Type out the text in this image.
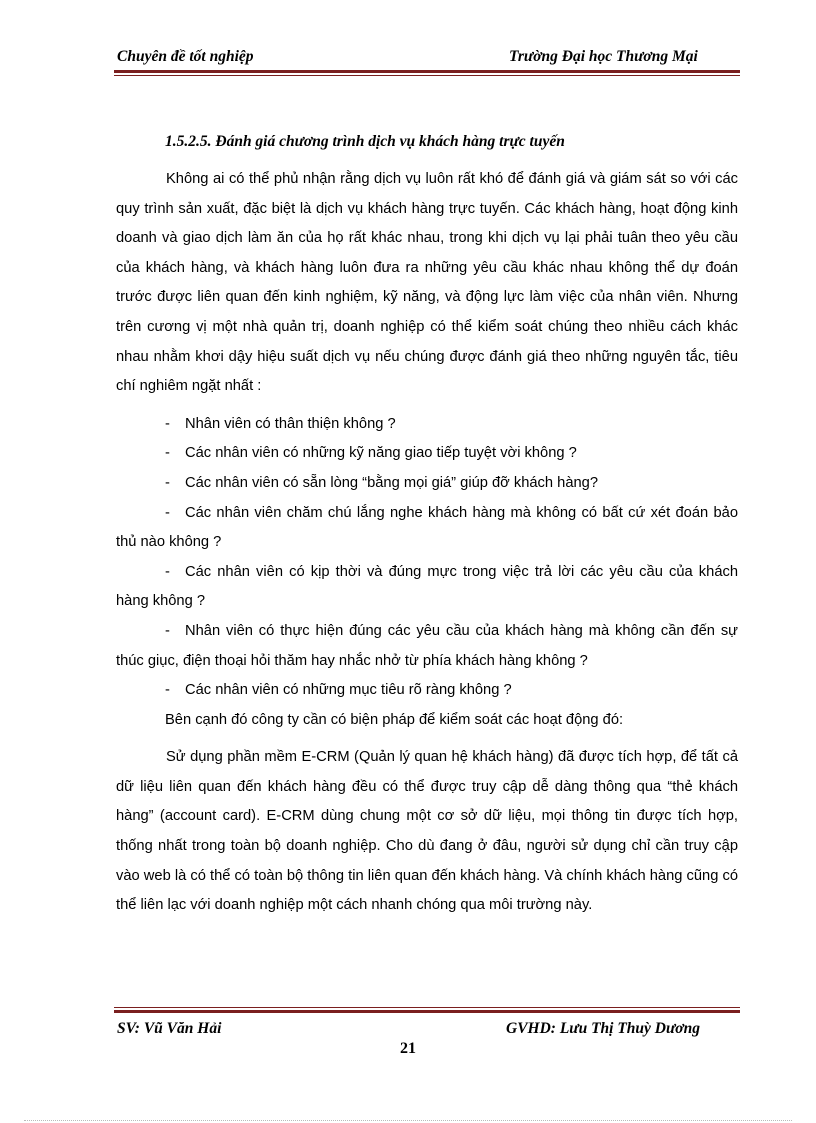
Chuyên đề tốt nghiệp	Trường Đại học Thương Mại
1.5.2.5. Đánh giá chương trình dịch vụ khách hàng trực tuyến

Không ai có thể phủ nhận rằng dịch vụ luôn rất khó để đánh giá và giám sát so với các quy trình sản xuất, đặc biệt là dịch vụ khách hàng trực tuyến. Các khách hàng, hoạt động kinh doanh và giao dịch làm ăn của họ rất khác nhau, trong khi dịch vụ lại phải tuân theo yêu cầu của khách hàng, và khách hàng luôn đưa ra những yêu cầu khác nhau không thể dự đoán trước được liên quan đến kinh nghiệm, kỹ năng, và động lực làm việc của nhân viên. Nhưng trên cương vị một nhà quản trị, doanh nghiệp có thể kiểm soát chúng theo nhiều cách khác nhau nhằm khơi dậy hiệu suất dịch vụ nếu chúng được đánh giá theo những nguyên tắc, tiêu chí nghiêm ngặt nhất :

- Nhân viên có thân thiện không ?

- Các nhân viên có những kỹ năng giao tiếp tuyệt vời không ?

- Các nhân viên có sẵn lòng “bằng mọi giá” giúp đỡ khách hàng?

- Các nhân viên chăm chú lắng nghe khách hàng mà không có bất cứ xét đoán bảo thủ nào không ?

- Các nhân viên có kịp thời và đúng mực trong việc trả lời các yêu cầu của khách hàng không ?

- Nhân viên có thực hiện đúng các yêu cầu của khách hàng mà không cần đến sự thúc giục, điện thoại hỏi thăm hay nhắc nhở từ phía khách hàng không ?

- Các nhân viên có những mục tiêu rõ ràng không ?

Bên cạnh đó công ty cần có biện pháp để kiểm soát các hoạt động đó:

Sử dụng phần mềm E-CRM (Quản lý quan hệ khách hàng) đã được tích hợp, để tất cả dữ liệu liên quan đến khách hàng đều có thể được truy cập dễ dàng thông qua “thẻ khách hàng” (account card). E-CRM dùng chung một cơ sở dữ liệu, mọi thông tin được tích hợp, thống nhất trong toàn bộ doanh nghiệp. Cho dù đang ở đâu, người sử dụng chỉ cần truy cập vào web là có thể có toàn bộ thông tin liên quan đến khách hàng. Và chính khách hàng cũng có thể liên lạc với doanh nghiệp một cách nhanh chóng qua môi trường này.

SV: Vũ Văn Hải	GVHD: Lưu Thị Thuỳ Dương
21
